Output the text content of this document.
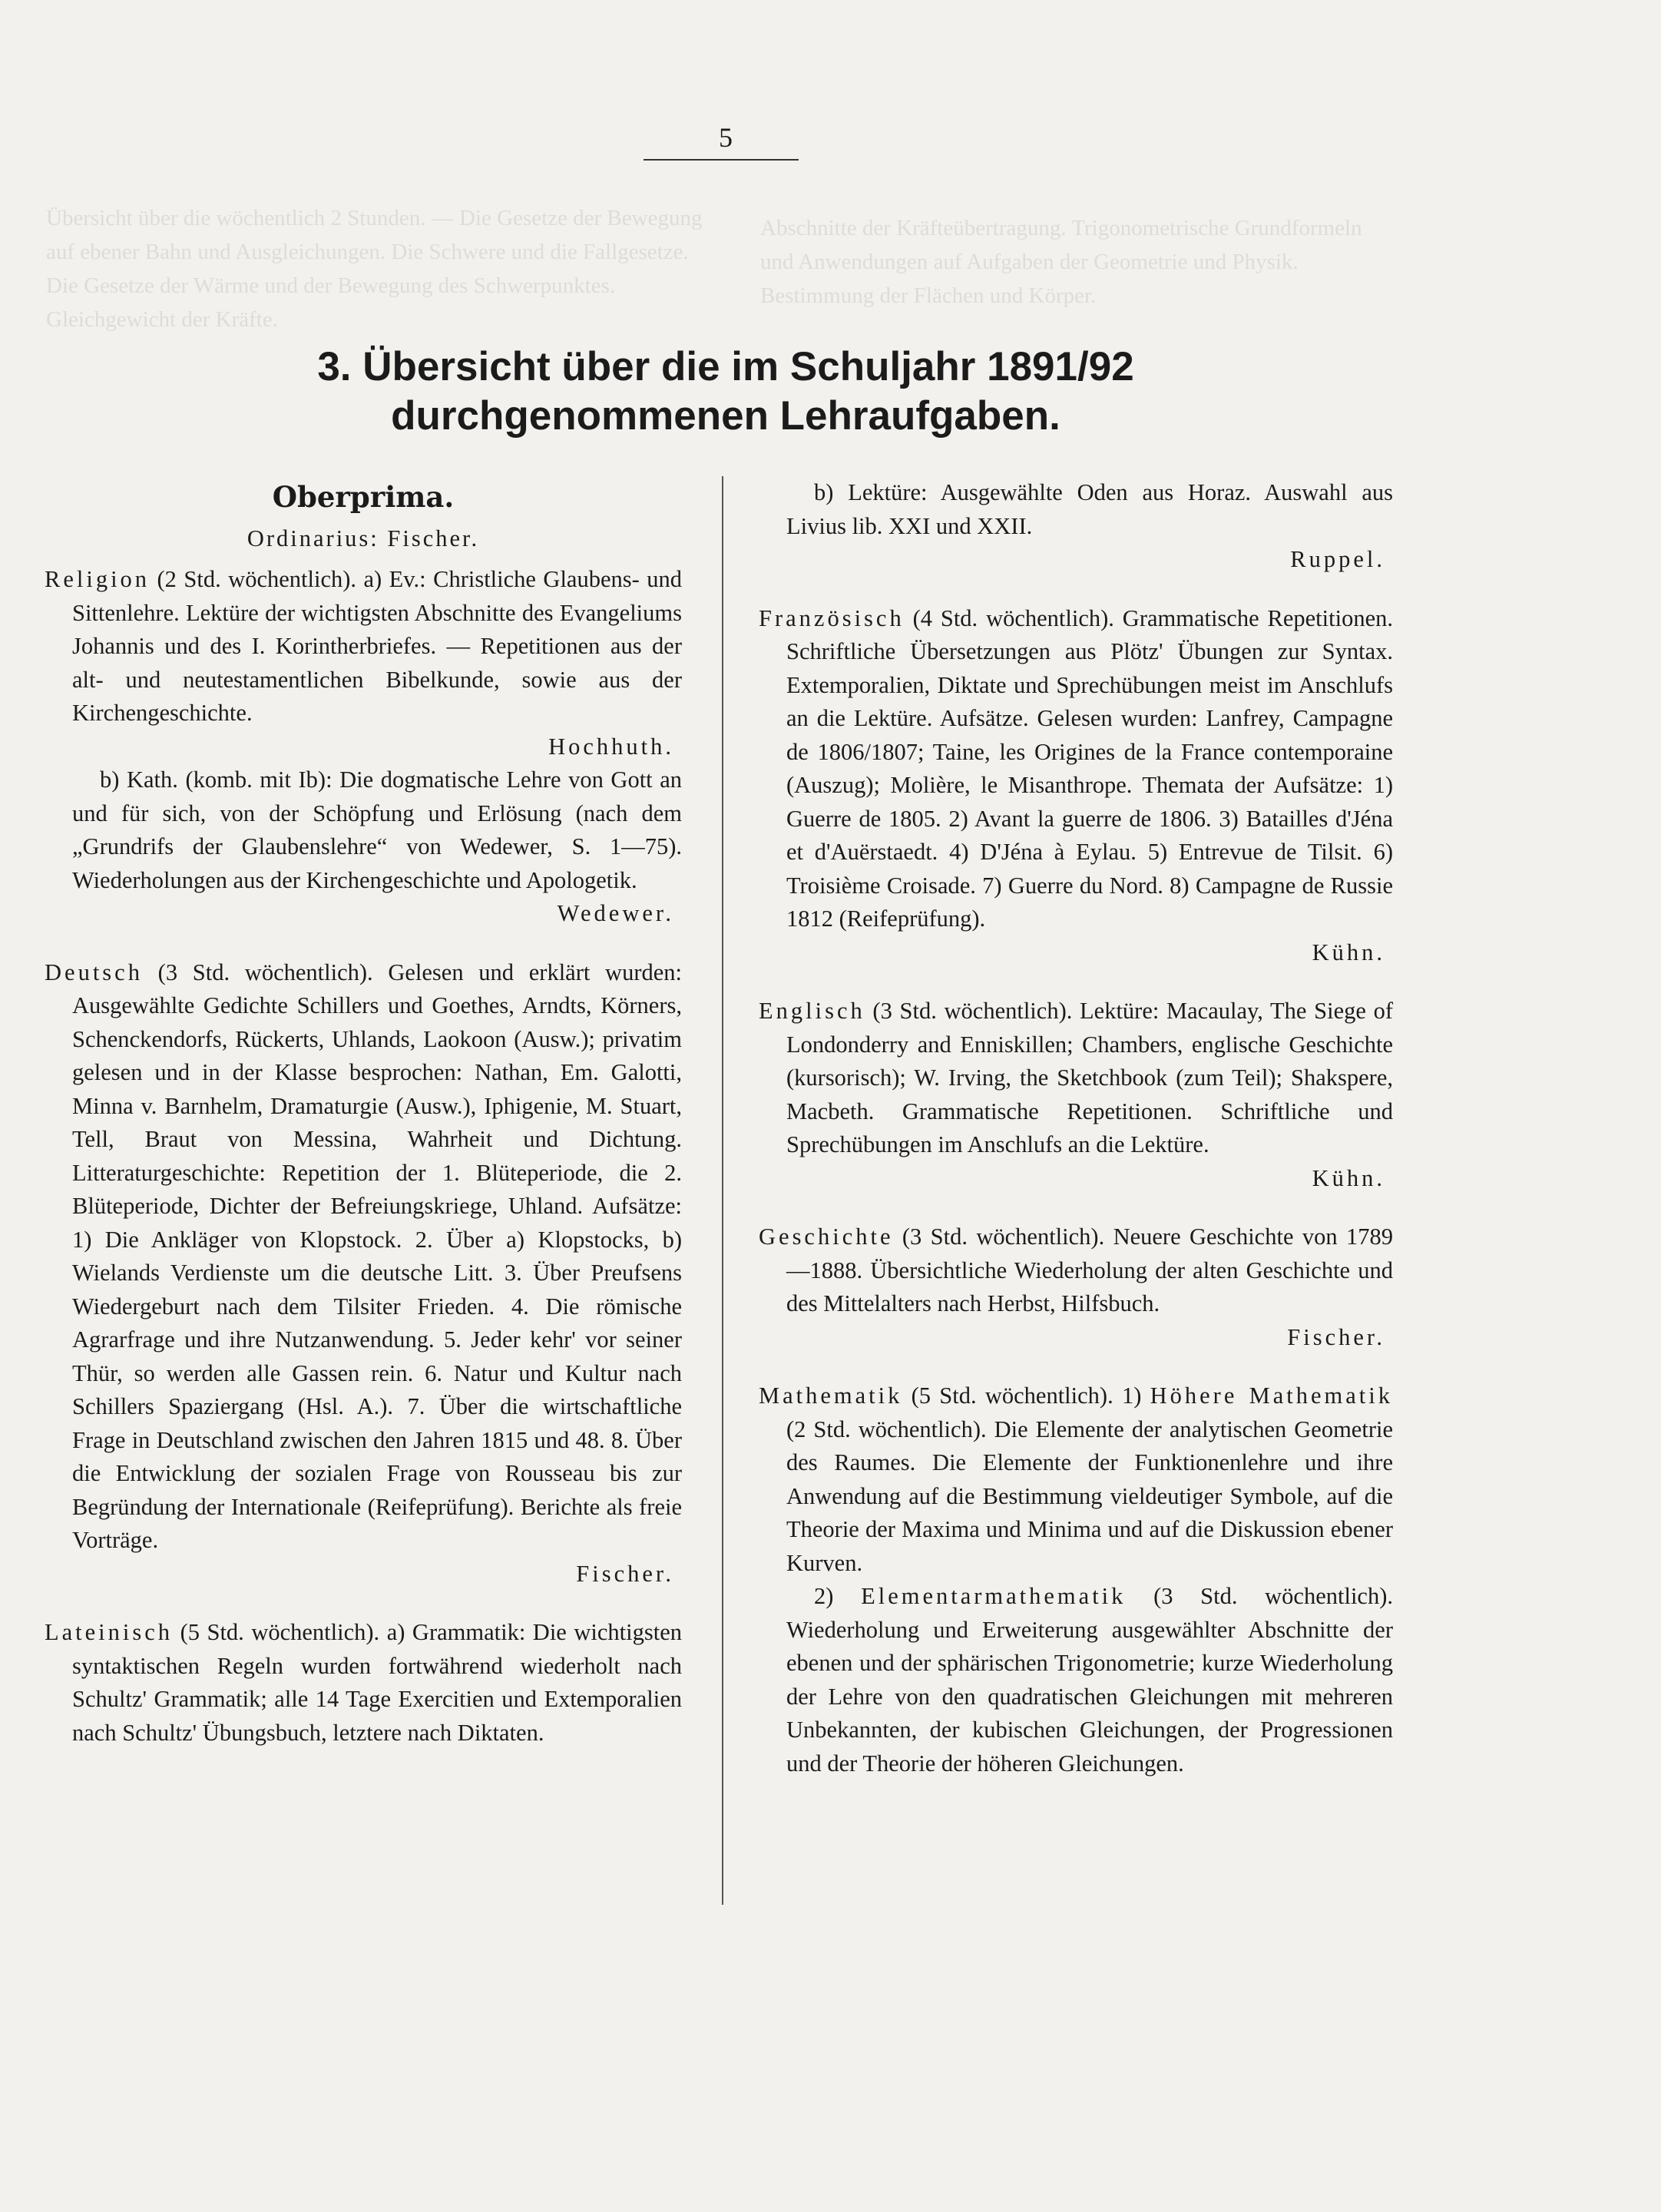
5
Übersicht über die wöchentlich 2 Stunden. — Die Gesetze der Bewegung auf ebener Bahn und Ausgleichungen. Die Schwere und die Fallgesetze. Die Gesetze der Wärme und der Bewegung des Schwerpunktes. Gleichgewicht der Kräfte.
Abschnitte der Kräfteübertragung. Trigonometrische Grundformeln und Anwendungen auf Aufgaben der Geometrie und Physik. Bestimmung der Flächen und Körper.
3. Übersicht über die im Schuljahr 1891/92
durchgenommenen Lehraufgaben.
Oberprima.
Ordinarius: Fischer.

Religion (2 Std. wöchentlich). a) Ev.: Christliche Glaubens- und Sittenlehre. Lektüre der wichtigsten Abschnitte des Evangeliums Johannis und des I. Korintherbriefes. — Repetitionen aus der alt- und neutestamentlichen Bibelkunde, sowie aus der Kirchengeschichte.

Hochhuth.

b) Kath. (komb. mit Ib): Die dogmatische Lehre von Gott an und für sich, von der Schöpfung und Erlösung (nach dem „Grundrifs der Glaubenslehre“ von Wedewer, S. 1—75). Wiederholungen aus der Kirchengeschichte und Apologetik.

Wedewer.

Deutsch (3 Std. wöchentlich). Gelesen und erklärt wurden: Ausgewählte Gedichte Schillers und Goethes, Arndts, Körners, Schenckendorfs, Rückerts, Uhlands, Laokoon (Ausw.); privatim gelesen und in der Klasse besprochen: Nathan, Em. Galotti, Minna v. Barnhelm, Dramaturgie (Ausw.), Iphigenie, M. Stuart, Tell, Braut von Messina, Wahrheit und Dichtung. Litteraturgeschichte: Repetition der 1. Blüteperiode, die 2. Blüteperiode, Dichter der Befreiungskriege, Uhland. Aufsätze: 1) Die Ankläger von Klopstock. 2. Über a) Klopstocks, b) Wielands Verdienste um die deutsche Litt. 3. Über Preufsens Wiedergeburt nach dem Tilsiter Frieden. 4. Die römische Agrarfrage und ihre Nutzanwendung. 5. Jeder kehr' vor seiner Thür, so werden alle Gassen rein. 6. Natur und Kultur nach Schillers Spaziergang (Hsl. A.). 7. Über die wirtschaftliche Frage in Deutschland zwischen den Jahren 1815 und 48. 8. Über die Entwicklung der sozialen Frage von Rousseau bis zur Begründung der Internationale (Reifeprüfung). Berichte als freie Vorträge.

Fischer.

Lateinisch (5 Std. wöchentlich). a) Grammatik: Die wichtigsten syntaktischen Regeln wurden fortwährend wiederholt nach Schultz' Grammatik; alle 14 Tage Exercitien und Extemporalien nach Schultz' Übungsbuch, letztere nach Diktaten.

b) Lektüre: Ausgewählte Oden aus Horaz. Auswahl aus Livius lib. XXI und XXII.

Ruppel.

Französisch (4 Std. wöchentlich). Grammatische Repetitionen. Schriftliche Übersetzungen aus Plötz' Übungen zur Syntax. Extemporalien, Diktate und Sprechübungen meist im Anschlufs an die Lektüre. Aufsätze. Gelesen wurden: Lanfrey, Campagne de 1806/1807; Taine, les Origines de la France contemporaine (Auszug); Molière, le Misanthrope. Themata der Aufsätze: 1) Guerre de 1805. 2) Avant la guerre de 1806. 3) Batailles d'Jéna et d'Auërstaedt. 4) D'Jéna à Eylau. 5) Entrevue de Tilsit. 6) Troisième Croisade. 7) Guerre du Nord. 8) Campagne de Russie 1812 (Reifeprüfung).

Kühn.

Englisch (3 Std. wöchentlich). Lektüre: Macaulay, The Siege of Londonderry and Enniskillen; Chambers, englische Geschichte (kursorisch); W. Irving, the Sketchbook (zum Teil); Shakspere, Macbeth. Grammatische Repetitionen. Schriftliche und Sprechübungen im Anschlufs an die Lektüre.

Kühn.

Geschichte (3 Std. wöchentlich). Neuere Geschichte von 1789—1888. Übersichtliche Wiederholung der alten Geschichte und des Mittelalters nach Herbst, Hilfsbuch.

Fischer.

Mathematik (5 Std. wöchentlich). 1) Höhere Mathematik (2 Std. wöchentlich). Die Elemente der analytischen Geometrie des Raumes. Die Elemente der Funktionenlehre und ihre Anwendung auf die Bestimmung vieldeutiger Symbole, auf die Theorie der Maxima und Minima und auf die Diskussion ebener Kurven.

2) Elementarmathematik (3 Std. wöchentlich). Wiederholung und Erweiterung ausgewählter Abschnitte der ebenen und der sphärischen Trigonometrie; kurze Wiederholung der Lehre von den quadratischen Gleichungen mit mehreren Unbekannten, der kubischen Gleichungen, der Progressionen und der Theorie der höheren Gleichungen.
